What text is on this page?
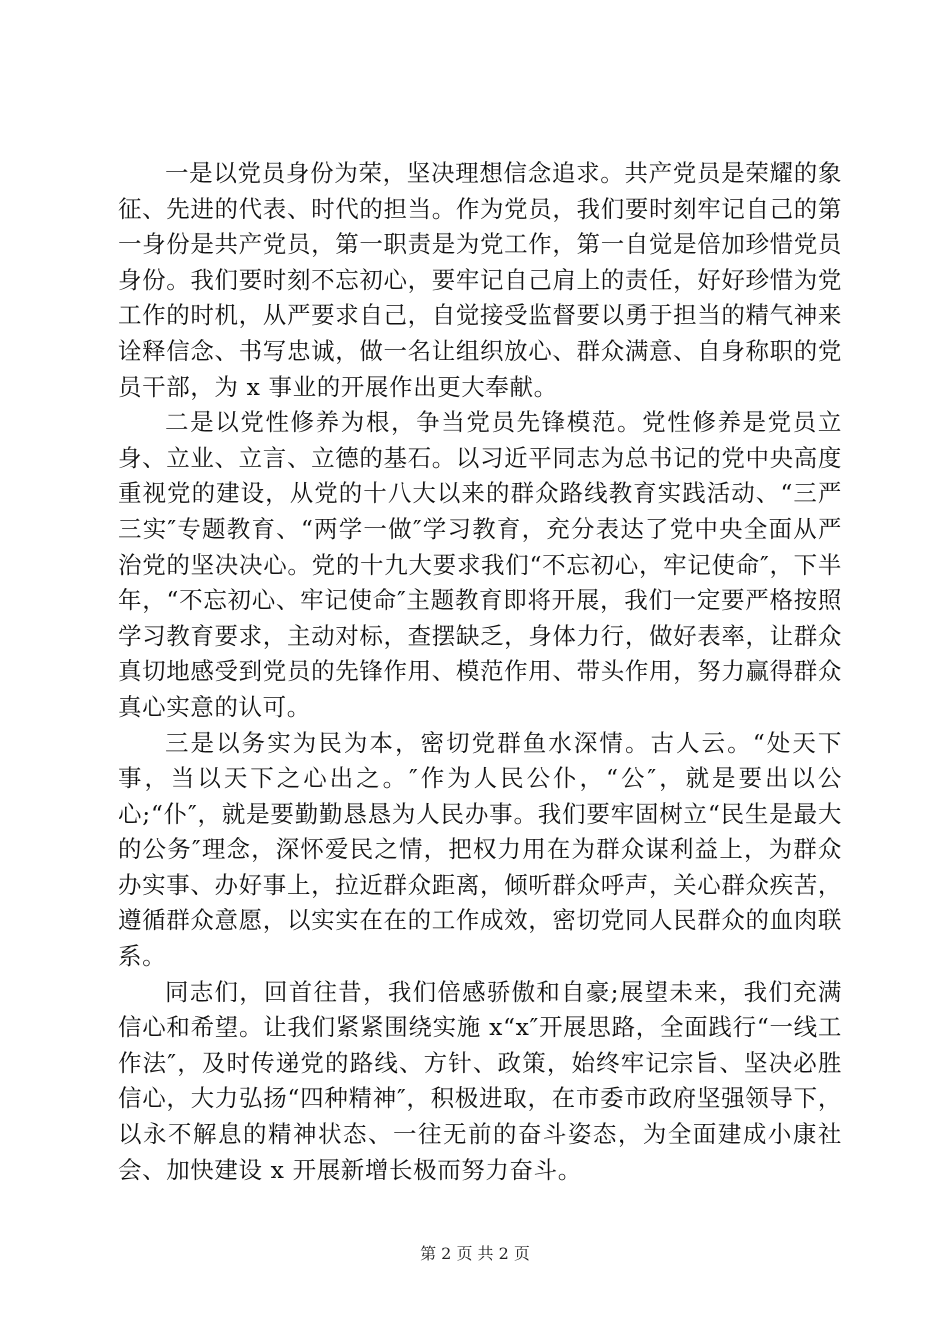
一是以党员身份为荣，坚决理想信念追求。共产党员是荣耀的象征、先进的代表、时代的担当。作为党员，我们要时刻牢记自己的第一身份是共产党员，第一职责是为党工作，第一自觉是倍加珍惜党员身份。我们要时刻不忘初心，要牢记自己肩上的责任，好好珍惜为党工作的时机，从严要求自己，自觉接受监督要以勇于担当的精气神来诠释信念、书写忠诚，做一名让组织放心、群众满意、自身称职的党员干部，为 x 事业的开展作出更大奉献。

二是以党性修养为根，争当党员先锋模范。党性修养是党员立身、立业、立言、立德的基石。以习近平同志为总书记的党中央高度重视党的建设，从党的十八大以来的群众路线教育实践活动、“三严三实″专题教育、“两学一做″学习教育，充分表达了党中央全面从严治党的坚决决心。党的十九大要求我们“不忘初心，牢记使命″，下半年，“不忘初心、牢记使命″主题教育即将开展，我们一定要严格按照学习教育要求，主动对标，查摆缺乏，身体力行，做好表率，让群众真切地感受到党员的先锋作用、模范作用、带头作用，努力赢得群众真心实意的认可。

三是以务实为民为本，密切党群鱼水深情。古人云。“处天下事，当以天下之心出之。″作为人民公仆，“公″，就是要出以公心;“仆″，就是要勤勤恳恳为人民办事。我们要牢固树立“民生是最大的公务″理念，深怀爱民之情，把权力用在为群众谋利益上，为群众办实事、办好事上，拉近群众距离，倾听群众呼声，关心群众疾苦，遵循群众意愿，以实实在在的工作成效，密切党同人民群众的血肉联系。

同志们，回首往昔，我们倍感骄傲和自豪;展望未来，我们充满信心和希望。让我们紧紧围绕实施 x“x″开展思路，全面践行“一线工作法″，及时传递党的路线、方针、政策，始终牢记宗旨、坚决必胜信心，大力弘扬“四种精神″，积极进取，在市委市政府坚强领导下，以永不解息的精神状态、一往无前的奋斗姿态，为全面建成小康社会、加快建设 x 开展新增长极而努力奋斗。

第 2 页 共 2 页
